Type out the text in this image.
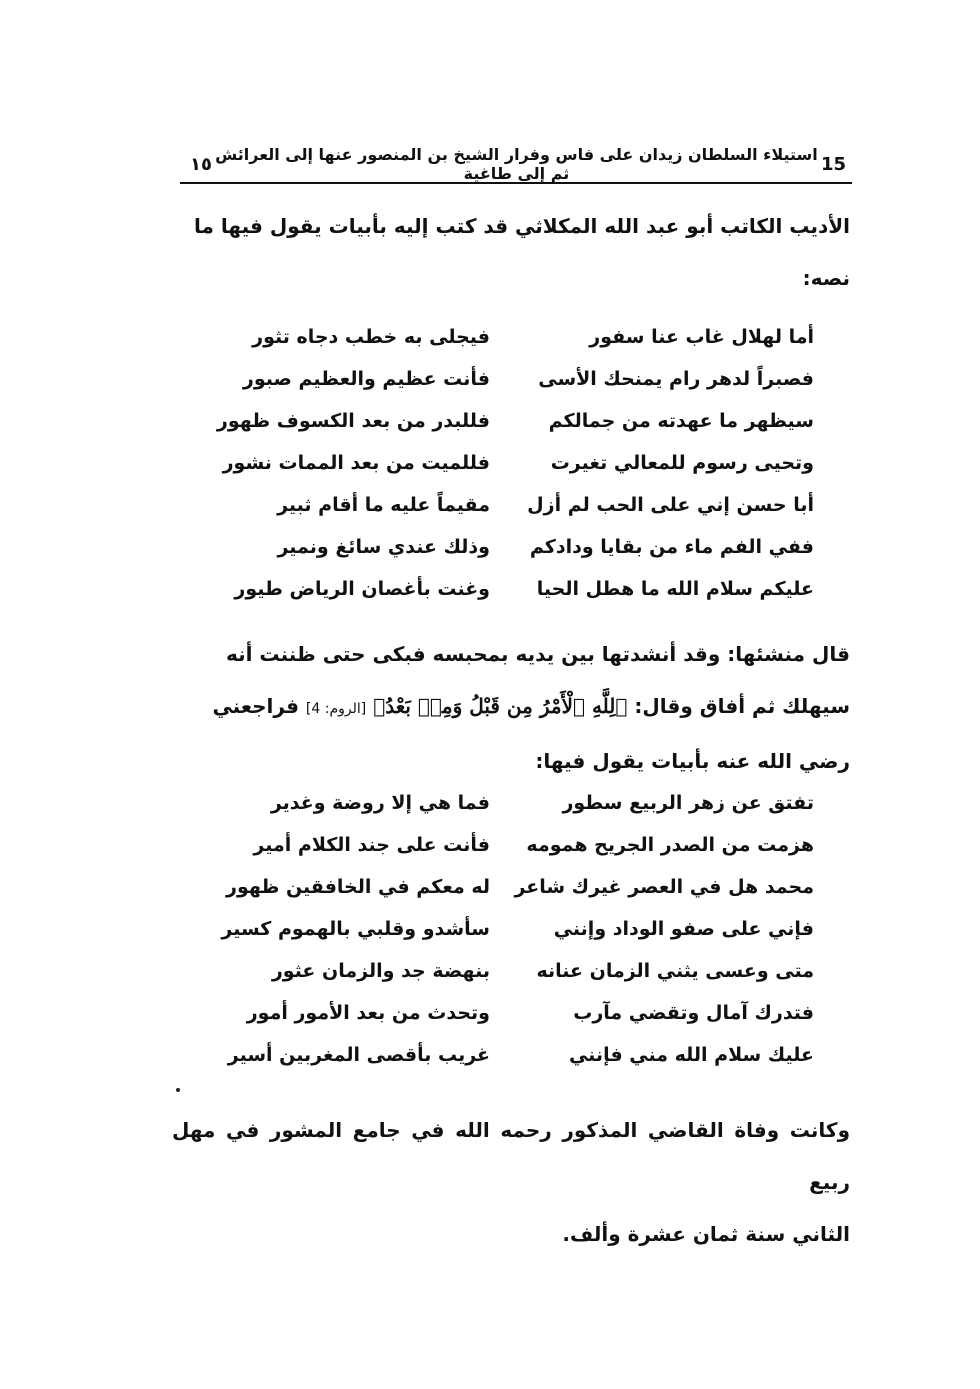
15
استيلاء السلطان زيدان على فاس وفرار الشيخ بن المنصور عنها إلى العرائش ثم إلى طاغية
١٥
الأديب الكاتب أبو عبد الله المكلاثي قد كتب إليه بأبيات يقول فيها ما
نصه:
أما لهلال غاب عنا سفور
فيجلى به خطب دجاه تثور
فصبراً لدهر رام يمنحك الأسى
فأنت عظيم والعظيم صبور
سيظهر ما عهدته من جمالكم
فللبدر من بعد الكسوف ظهور
وتحيى رسوم للمعالي تغيرت
فللميت من بعد الممات نشور
أبا حسن إني على الحب لم أزل
مقيماً عليه ما أقام ثبير
ففي الفم ماء من بقايا ودادكم
وذلك عندي سائغ ونمير
عليكم سلام الله ما هطل الحيا
وغنت بأغصان الرياض طيور
قال منشئها: وقد أنشدتها بين يديه بمحبسه فبكى حتى ظننت أنه
سيهلك ثم أفاق وقال: ﴿لِلَّهِ ٱلْأَمْرُ مِن قَبْلُ وَمِنۢ بَعْدُ﴾ [الروم: 4] فراجعني
رضي الله عنه بأبيات يقول فيها:
تفتق عن زهر الربيع سطور
فما هي إلا روضة وغدير
هزمت من الصدر الجريح همومه
فأنت على جند الكلام أمير
محمد هل في العصر غيرك شاعر
له معكم في الخافقين ظهور
فإني على صفو الوداد وإنني
سأشدو وقلبي بالهموم كسير
متى وعسى يثني الزمان عنانه
بنهضة جد والزمان عثور
فتدرك آمال وتقضي مآرب
وتحدث من بعد الأمور أمور
عليك سلام الله مني فإنني
غريب بأقصى المغربين أسير
وكانت وفاة القاضي المذكور رحمه الله في جامع المشور في مهل ربيع
الثاني سنة ثمان عشرة وألف.
